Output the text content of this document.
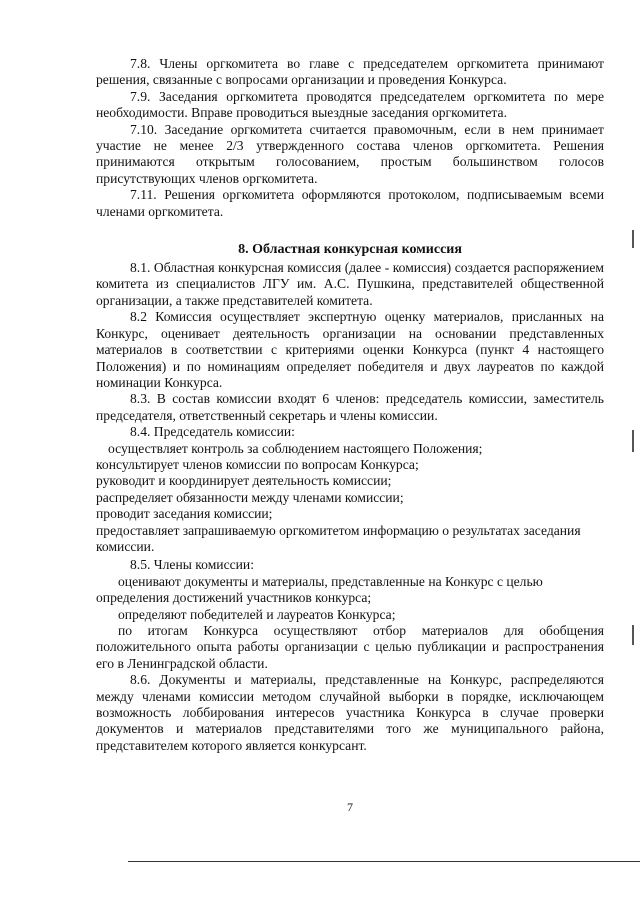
7.8. Члены оргкомитета во главе с председателем оргкомитета принимают решения, связанные с вопросами организации и проведения Конкурса.

7.9. Заседания оргкомитета проводятся председателем оргкомитета по мере необходимости. Вправе проводиться выездные заседания оргкомитета.

7.10. Заседание оргкомитета считается правомочным, если в нем принимает участие не менее 2/3 утвержденного состава членов оргкомитета. Решения принимаются открытым голосованием, простым большинством голосов присутствующих членов оргкомитета.

7.11. Решения оргкомитета оформляются протоколом, подписываемым всеми членами оргкомитета.

8. Областная конкурсная комиссия

8.1. Областная конкурсная комиссия (далее - комиссия) создается распоряжением комитета из специалистов ЛГУ им. А.С. Пушкина, представителей общественной организации, а также представителей комитета.

8.2 Комиссия осуществляет экспертную оценку материалов, присланных на Конкурс, оценивает деятельность организации на основании представленных материалов в соответствии с критериями оценки Конкурса (пункт 4 настоящего Положения) и по номинациям определяет победителя и двух лауреатов по каждой номинации Конкурса.

8.3. В состав комиссии входят 6 членов: председатель комиссии, заместитель председателя, ответственный секретарь и члены комиссии.

8.4. Председатель комиссии:

осуществляет контроль за соблюдением настоящего Положения;

консультирует членов комиссии по вопросам Конкурса;

руководит и координирует деятельность комиссии;

распределяет обязанности между членами комиссии;

проводит заседания комиссии;

предоставляет запрашиваемую оргкомитетом информацию о результатах заседания комиссии.

8.5. Члены комиссии:

оценивают документы и материалы, представленные на Конкурс с целью определения достижений участников конкурса;

определяют победителей и лауреатов Конкурса;

по итогам Конкурса осуществляют отбор материалов для обобщения положительного опыта работы организации с целью публикации и распространения его в Ленинградской области.

8.6. Документы и материалы, представленные на Конкурс, распределяются между членами комиссии методом случайной выборки в порядке, исключающем возможность лоббирования интересов участника Конкурса в случае проверки документов и материалов представителями того же муниципального района, представителем которого является конкурсант.

7
